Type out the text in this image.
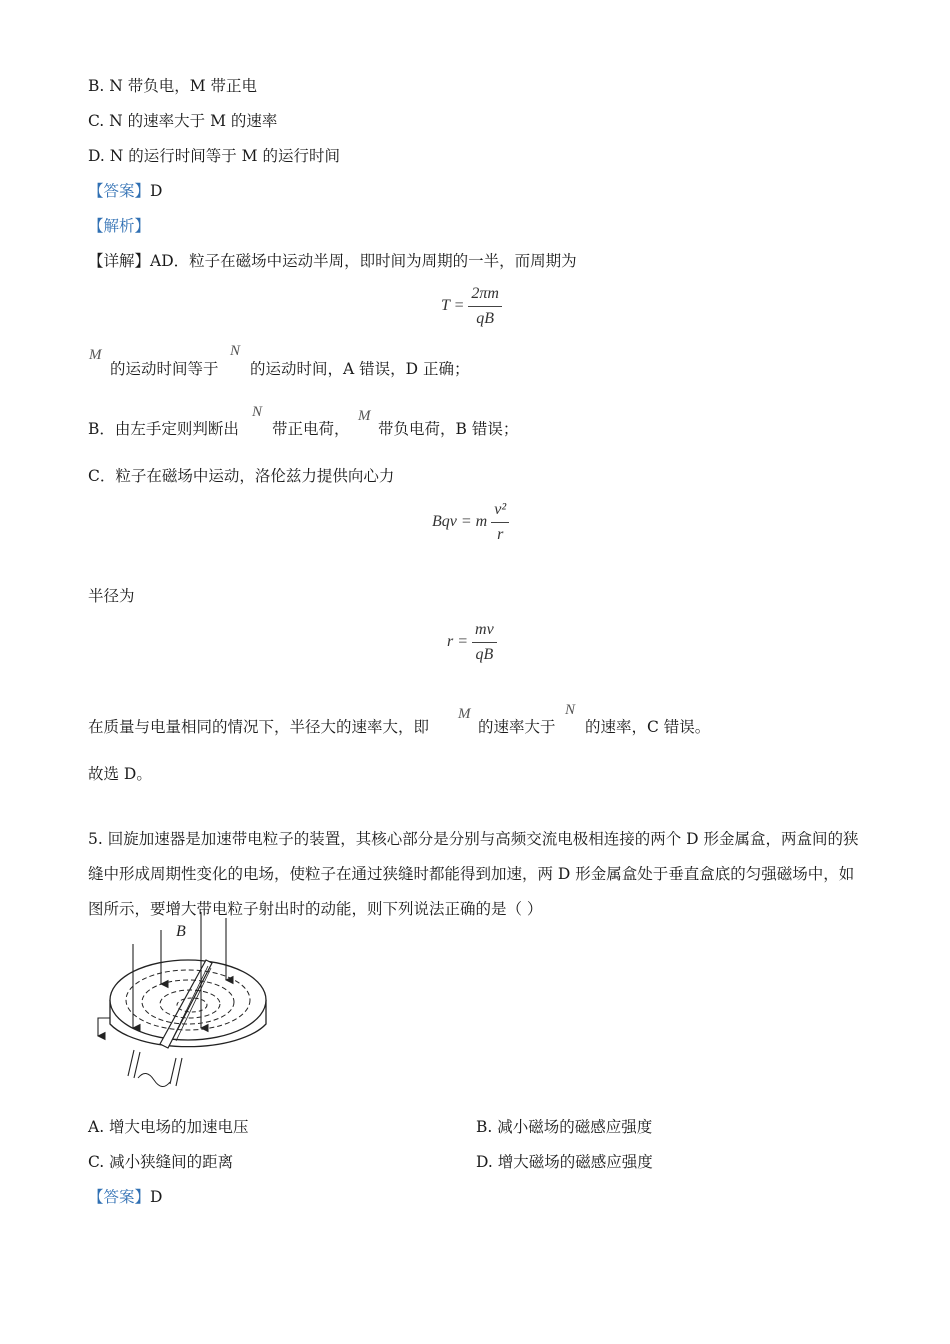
B. N 带负电，M 带正电
C. N 的速率大于 M 的速率
D. N 的运行时间等于 M 的运行时间
【答案】D
【解析】
【详解】AD．粒子在磁场中运动半周，即时间为周期的一半，而周期为
$T = \frac{2\pi m}{qB}$
M
的运动时间等于
N
的运动时间，A 错误，D 正确；
B．由左手定则判断出
N
带正电荷，
M
带负电荷，B 错误；
C．粒子在磁场中运动，洛伦兹力提供向心力
Bqv = m $\frac{\text{v²}}{r}$
半径为
$r = \frac{mv}{qB}$
在质量与电量相同的情况下，半径大的速率大，即
M
的速率大于
N
的速率，C 错误。
故选 D。
5. 回旋加速器是加速带电粒子的装置，其核心部分是分别与高频交流电极相连接的两个 D 形金属盒，两盒间的狭缝中形成周期性变化的电场，使粒子在通过狭缝时都能得到加速，两 D 形金属盒处于垂直盒底的匀强磁场中，如图所示，要增大带电粒子射出时的动能，则下列说法正确的是（ ）
B
A. 增大电场的加速电压	B. 减小磁场的磁感应强度
C. 减小狭缝间的距离	D. 增大磁场的磁感应强度
【答案】D
